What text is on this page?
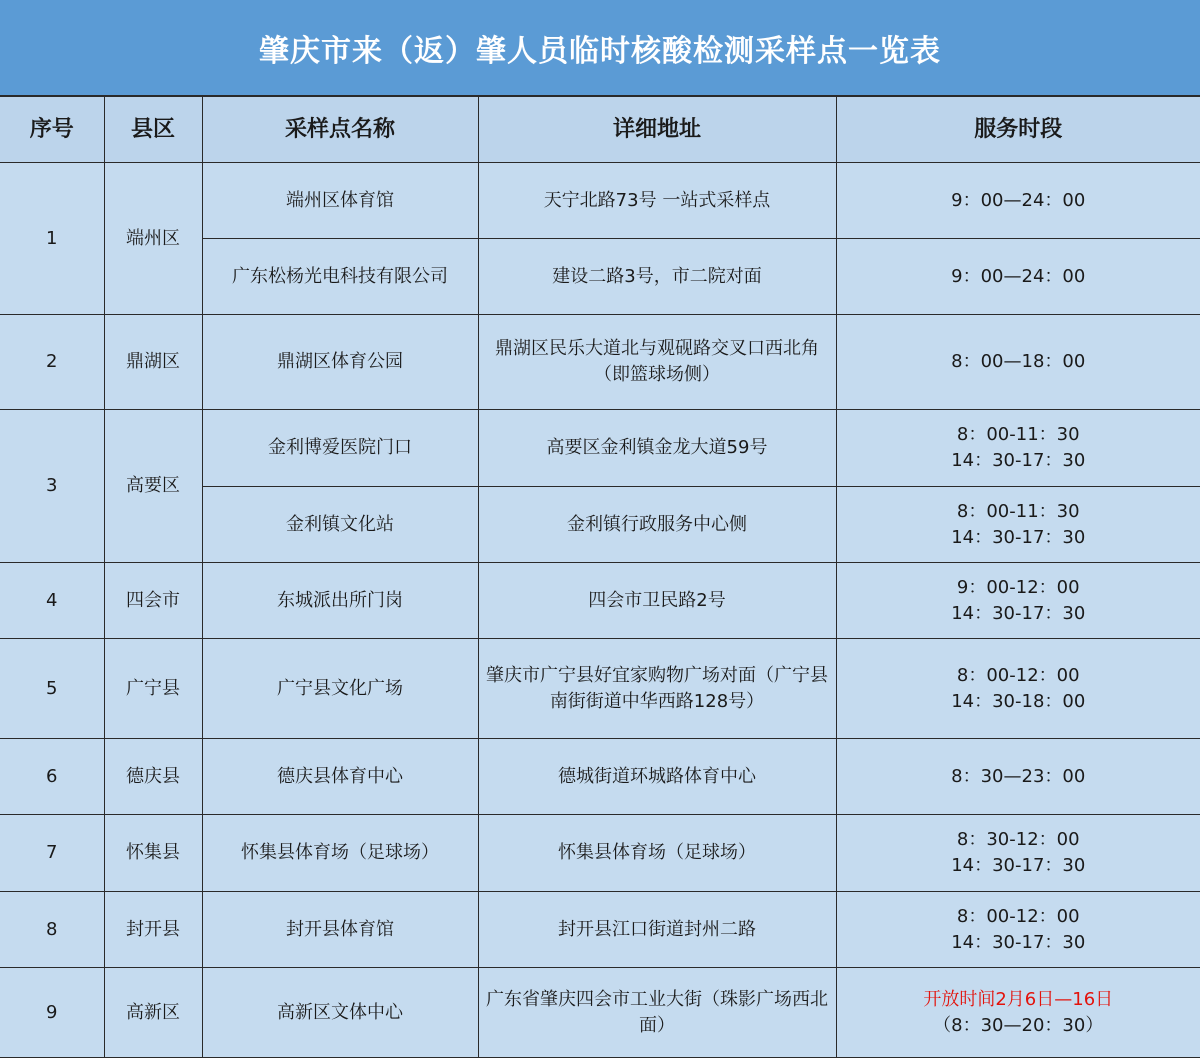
肇庆市来（返）肇人员临时核酸检测采样点一览表
序号	县区	采样点名称	详细地址	服务时段
1	端州区	端州区体育馆	天宁北路73号 一站式采样点	9：00—24：00

		广东松杨光电科技有限公司	建设二路3号，市二院对面	9：00—24：00

2	鼎湖区	鼎湖区体育公园	鼎湖区民乐大道北与观砚路交叉口西北角（即篮球场侧）	8：00—18：00

3	高要区	金利博爱医院门口	高要区金利镇金龙大道59号	8：00-11：30
14：30-17：30

		金利镇文化站	金利镇行政服务中心侧	8：00-11：30
14：30-17：30

4	四会市	东城派出所门岗	四会市卫民路2号	9：00-12：00
14：30-17：30

5	广宁县	广宁县文化广场	肇庆市广宁县好宜家购物广场对面（广宁县南街街道中华西路128号）	8：00-12：00
14：30-18：00

6	德庆县	德庆县体育中心	德城街道环城路体育中心	8：30—23：00

7	怀集县	怀集县体育场（足球场）	怀集县体育场（足球场）	8：30-12：00
14：30-17：30

8	封开县	封开县体育馆	封开县江口街道封州二路	8：00-12：00
14：30-17：30

9	高新区	高新区文体中心	广东省肇庆四会市工业大街（珠影广场西北面）	开放时间2月6日—16日
（8：30—20：30）
